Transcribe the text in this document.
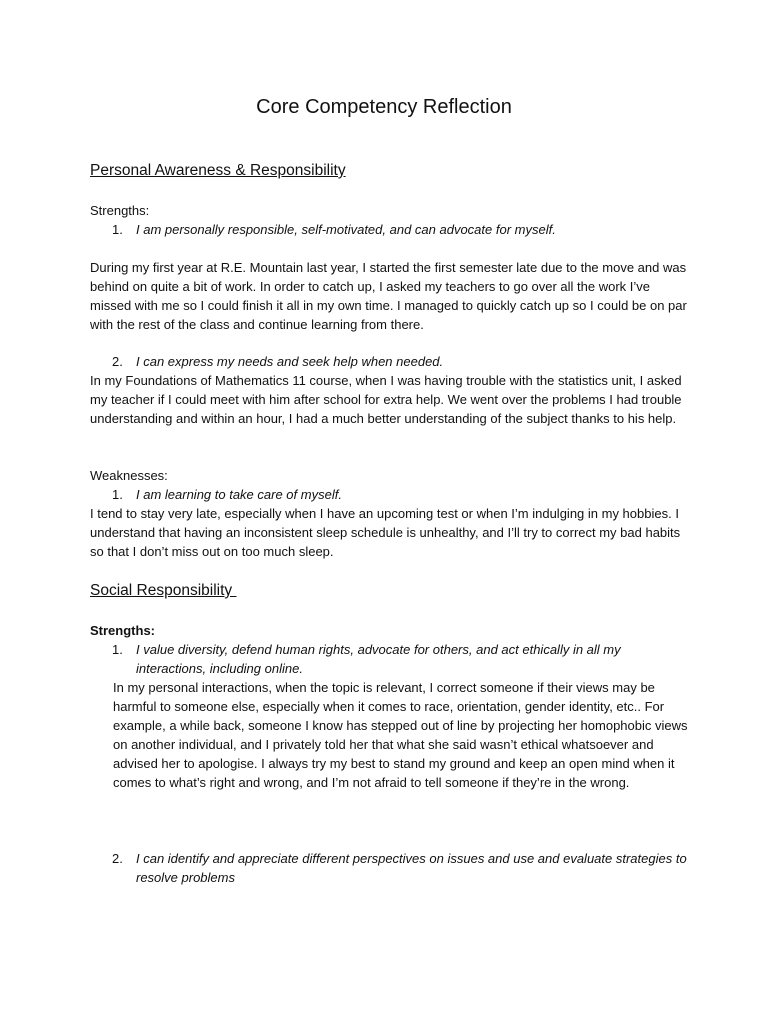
Core Competency Reflection
Personal Awareness & Responsibility
Strengths:
1. I am personally responsible, self-motivated, and can advocate for myself.

During my first year at R.E. Mountain last year, I started the first semester late due to the move and was behind on quite a bit of work. In order to catch up, I asked my teachers to go over all the work I’ve missed with me so I could finish it all in my own time. I managed to quickly catch up so I could be on par with the rest of the class and continue learning from there.

2. I can express my needs and seek help when needed.

In my Foundations of Mathematics 11 course, when I was having trouble with the statistics unit, I asked my teacher if I could meet with him after school for extra help. We went over the problems I had trouble understanding and within an hour, I had a much better understanding of the subject thanks to his help.

Weaknesses:
1. I am learning to take care of myself.

I tend to stay very late, especially when I have an upcoming test or when I’m indulging in my hobbies. I understand that having an inconsistent sleep schedule is unhealthy, and I’ll try to correct my bad habits so that I don’t miss out on too much sleep.

Social Responsibility
Strengths:
1. I value diversity, defend human rights, advocate for others, and act ethically in all my interactions, including online.

In my personal interactions, when the topic is relevant, I correct someone if their views may be harmful to someone else, especially when it comes to race, orientation, gender identity, etc.. For example, a while back, someone I know has stepped out of line by projecting her homophobic views on another individual, and I privately told her that what she said wasn’t ethical whatsoever and advised her to apologise. I always try my best to stand my ground and keep an open mind when it comes to what’s right and wrong, and I’m not afraid to tell someone if they’re in the wrong.

2. I can identify and appreciate different perspectives on issues and use and evaluate strategies to resolve problems
